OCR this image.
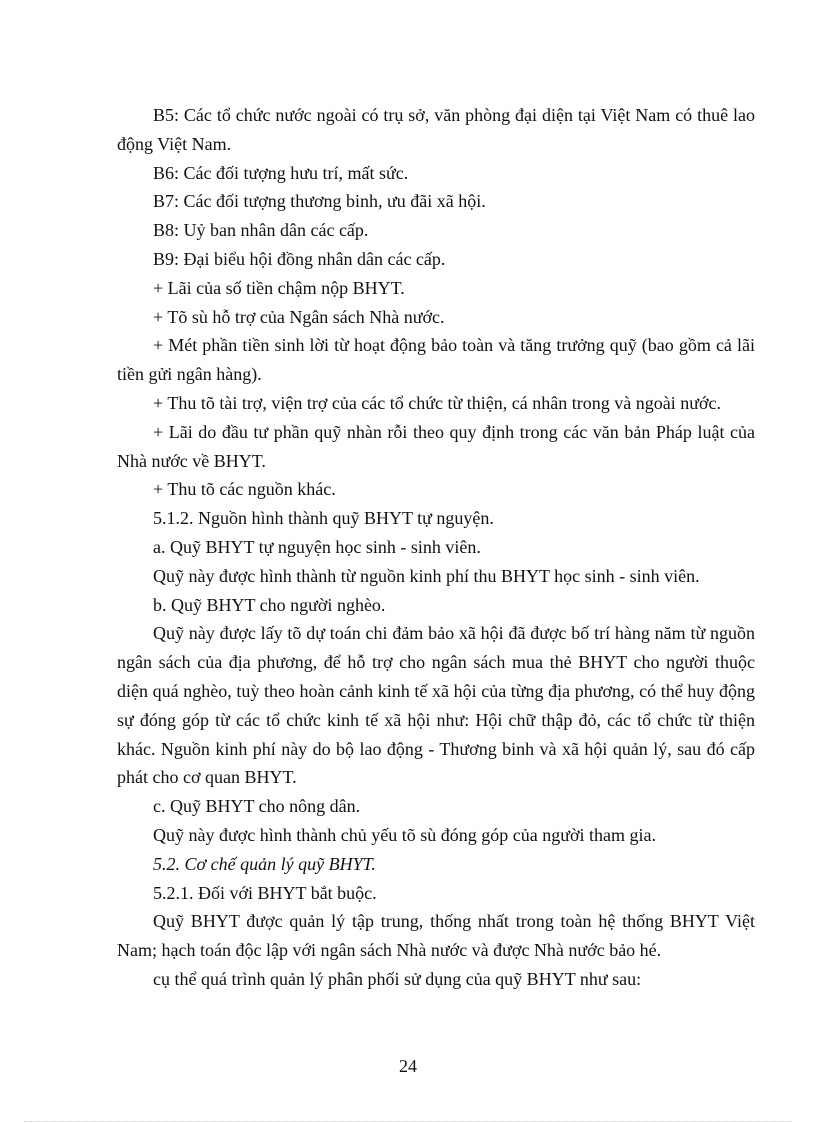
B5: Các tổ chức nước ngoài có trụ sở, văn phòng đại diện tại Việt Nam có thuê lao động Việt Nam.

B6: Các đối tượng hưu trí, mất sức.

B7: Các đối tượng thương binh, ưu đãi xã hội.

B8: Uỷ ban nhân dân các cấp.

B9: Đại biểu hội đồng nhân dân các cấp.

+ Lãi của số tiền chậm nộp BHYT.

+ Tõ sù hỗ trợ của Ngân sách Nhà nước.

+ Mét phần tiền sinh lời từ hoạt động bảo toàn và tăng trưởng quỹ (bao gồm cả lãi tiền gửi ngân hàng).

+ Thu tõ tài trợ, viện trợ của các tổ chức từ thiện, cá nhân trong và ngoài nước.

+ Lãi do đầu tư phần quỹ nhàn rỗi theo quy định trong các văn bản Pháp luật của Nhà nước về BHYT.

+ Thu tõ các nguồn khác.

5.1.2. Nguồn hình thành quỹ BHYT tự nguyện.

a. Quỹ BHYT tự nguyện học sinh - sinh viên.

Quỹ này được hình thành từ nguồn kinh phí thu BHYT học sinh - sinh viên.

b. Quỹ BHYT cho người nghèo.

Quỹ này được lấy tõ dự toán chi đảm bảo xã hội đã được bố trí hàng năm từ nguồn ngân sách của địa phương, để hỗ trợ cho ngân sách mua thẻ BHYT cho người thuộc diện quá nghèo, tuỳ theo hoàn cảnh kinh tế xã hội của từng địa phương, có thể huy động sự đóng góp từ các tổ chức kinh tế xã hội như: Hội chữ thập đỏ, các tổ chức từ thiện khác. Nguồn kinh phí này do bộ lao động - Thương binh và xã hội quản lý, sau đó cấp phát cho cơ quan BHYT.

c. Quỹ BHYT cho nông dân.

Quỹ này được hình thành chủ yếu tõ sù đóng góp của người tham gia.

5.2. Cơ chế quản lý quỹ BHYT.

5.2.1. Đối với BHYT bắt buộc.

Quỹ BHYT được quản lý tập trung, thống nhất trong toàn hệ thống BHYT Việt Nam; hạch toán độc lập với ngân sách Nhà nước và được Nhà nước bảo hé.

cụ thể quá trình quản lý phân phối sử dụng của quỹ BHYT như sau:

24
